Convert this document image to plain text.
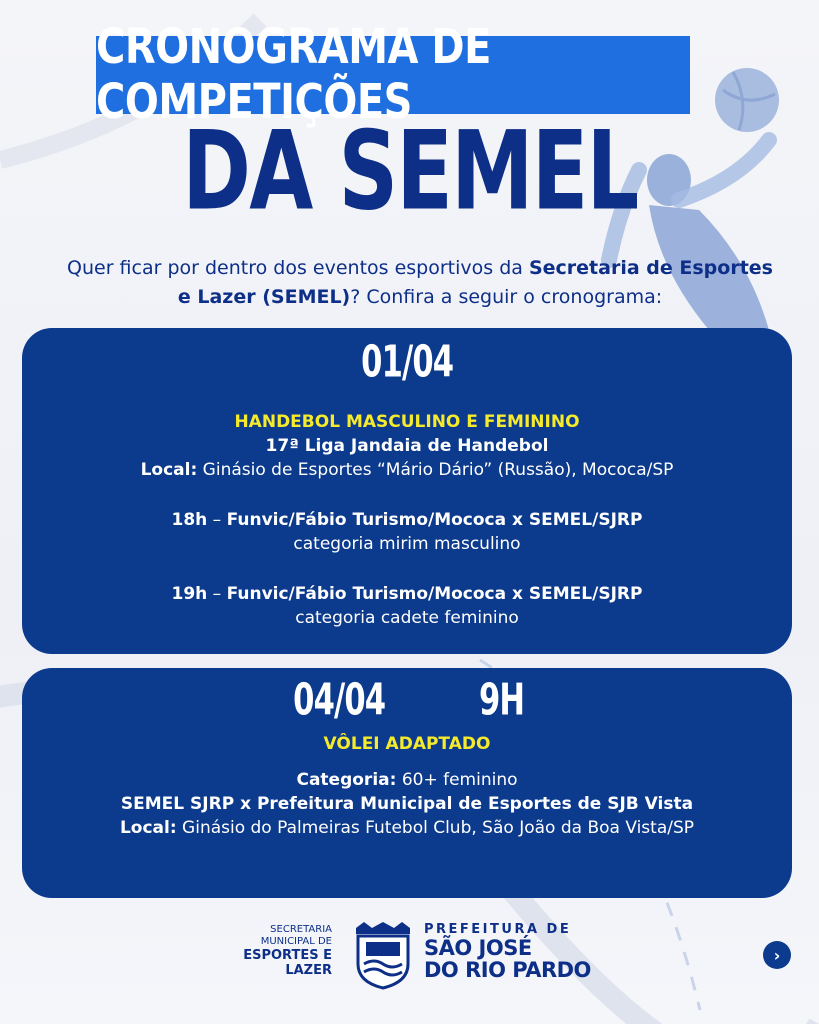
CRONOGRAMA DE COMPETIÇÕES
DA SEMEL

Quer ficar por dentro dos eventos esportivos da Secretaria de Esportes e Lazer (SEMEL)? Confira a seguir o cronograma:

01/04
HANDEBOL MASCULINO E FEMININO
17ª Liga Jandaia de Handebol
Local: Ginásio de Esportes “Mário Dário” (Russão), Mococa/SP
18h – Funvic/Fábio Turismo/Mococa x SEMEL/SJRP
categoria mirim masculino
19h – Funvic/Fábio Turismo/Mococa x SEMEL/SJRP
categoria cadete feminino
04/04	9H
VÔLEI ADAPTADO
Categoria: 60+ feminino
SEMEL SJRP x Prefeitura Municipal de Esportes de SJB Vista
Local: Ginásio do Palmeiras Futebol Club, São João da Boa Vista/SP
SECRETARIA
MUNICIPAL DE
ESPORTES E
LAZER
PREFEITURA DE
SÃO JOSÉ
DO RIO PARDO
›
